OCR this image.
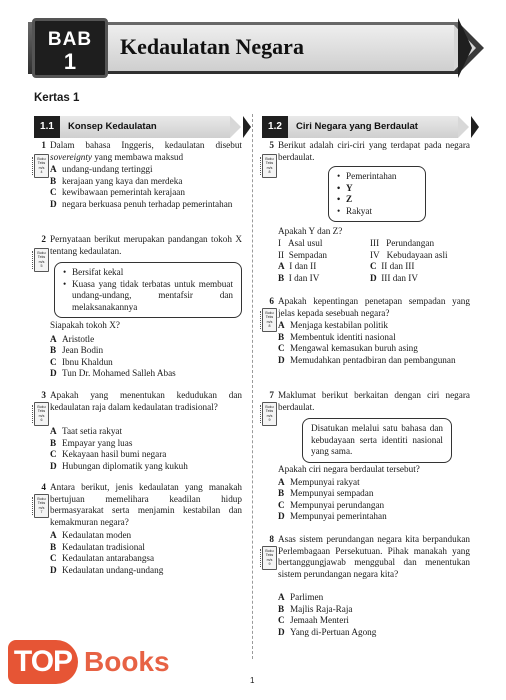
BAB
1
Kedaulatan Negara
Kertas 1
1.1	Konsep Kedaulatan	1.2	Ciri Negara yang Berdaulat
1 Dalam bahasa Inggeris, kedaulatan disebut sovereignty yang membawa maksud
Buku
Teks
m/s
4 A undang-undang tertinggi
B kerajaan yang kaya dan merdeka
C kewibawaan pemerintah kerajaan
D negara berkuasa penuh terhadap pemerintahan
2 Pernyataan berikut merupakan pandangan tokoh X tentang kedaulatan.
Buku
Teks
m/s
5
• Bersifat kekal
• Kuasa yang tidak terbatas untuk membuat undang-undang, mentafsir dan melaksanakannya
Siapakah tokoh X?
A Aristotle
B Jean Bodin
C Ibnu Khaldun
D Tun Dr. Mohamed Salleh Abas
3 Apakah yang menentukan kedudukan dan kedaulatan raja dalam kedaulatan tradisional?
Buku
Teks
m/s
6
A Taat setia rakyat
B Empayar yang luas
C Kekayaan hasil bumi negara
D Hubungan diplomatik yang kukuh
4 Antara berikut, jenis kedaulatan yang manakah bertujuan memelihara keadilan hidup bermasyarakat serta menjamin kestabilan dan kemakmuran negara?
Buku
Teks
m/s
7
A Kedaulatan moden
B Kedaulatan tradisional
C Kedaulatan antarabangsa
D Kedaulatan undang-undang
5 Berikut adalah ciri-ciri yang terdapat pada negara berdaulat.
Buku
Teks
m/s
8
•	Pemerintahan
• Y
• Z
• Rakyat
Apakah Y dan Z?
I Asal usul	III Perundangan
II Sempadan	IV Kebudayaan asli
A I dan II	C II dan III
B I dan IV	D III dan IV
6 Apakah kepentingan penetapan sempadan yang jelas kepada sesebuah negara?
Buku
Teks
m/s
8 A Menjaga kestabilan politik
B Membentuk identiti nasional
C Mengawal kemasukan buruh asing
D Memudahkan pentadbiran dan pembangunan
7 Maklumat berikut berkaitan dengan ciri negara berdaulat.
Buku
Teks
m/s
9
Disatukan melalui satu bahasa dan kebudayaan serta identiti nasional yang sama.
Apakah ciri negara berdaulat tersebut?
A Mempunyai rakyat
B Mempunyai sempadan
C Mempunyai perundangan
D Mempunyai pemerintahan
8 Asas sistem perundangan negara kita berpandukan Perlembagaan Persekutuan. Pihak manakah yang bertanggungjawab menggubal dan menentukan sistem perundangan negara kita?
Buku
Teks
m/s
9
A Parlimen
B Majlis Raja-Raja
C Jemaah Menteri
D Yang di-Pertuan Agong
1
TOP Books
